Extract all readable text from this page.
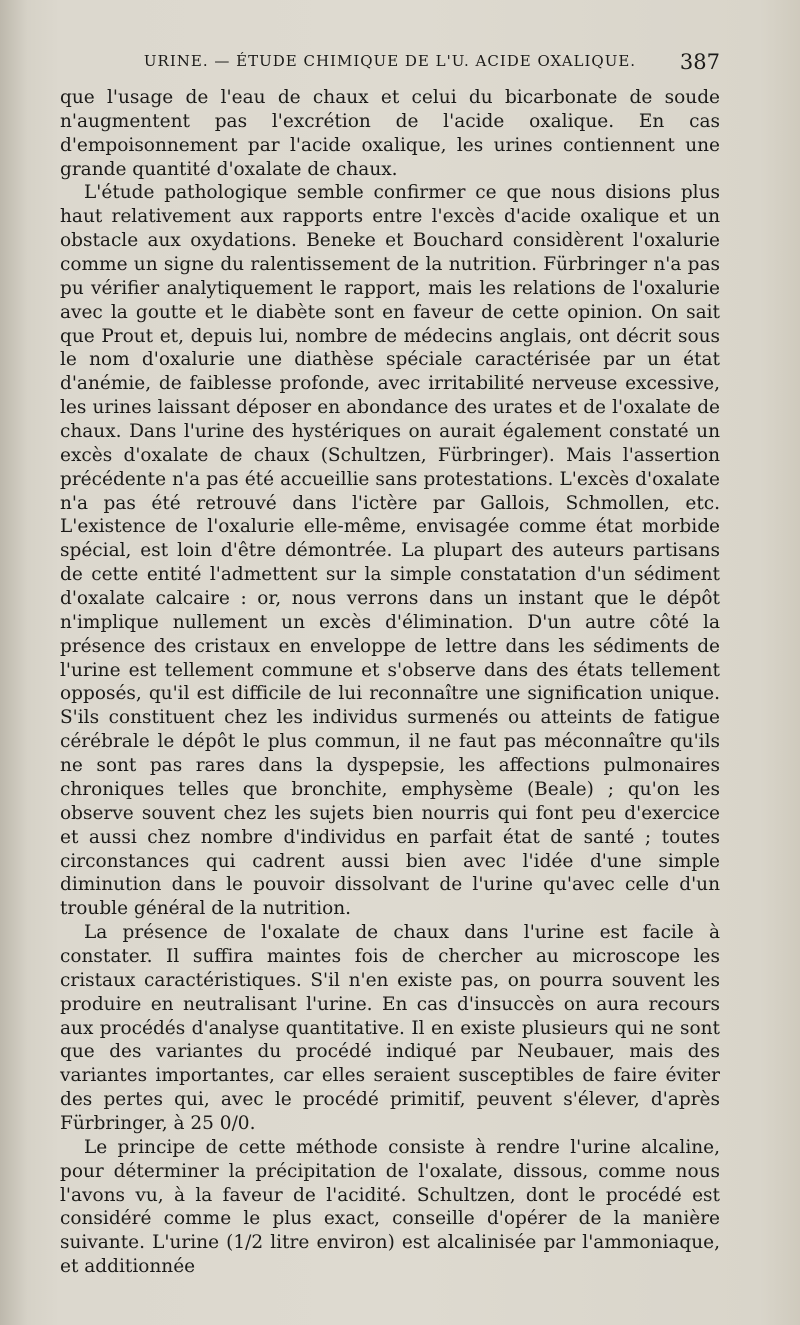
URINE. — ÉTUDE CHIMIQUE DE L'U. ACIDE OXALIQUE.	387

que l'usage de l'eau de chaux et celui du bicarbonate de soude n'augmentent pas l'excrétion de l'acide oxalique. En cas d'empoisonnement par l'acide oxalique, les urines contiennent une grande quantité d'oxalate de chaux.

L'étude pathologique semble confirmer ce que nous disions plus haut relativement aux rapports entre l'excès d'acide oxalique et un obstacle aux oxydations. Beneke et Bouchard considèrent l'oxalurie comme un signe du ralentissement de la nutrition. Fürbringer n'a pas pu vérifier analytiquement le rapport, mais les relations de l'oxalurie avec la goutte et le diabète sont en faveur de cette opinion. On sait que Prout et, depuis lui, nombre de médecins anglais, ont décrit sous le nom d'oxalurie une diathèse spéciale caractérisée par un état d'anémie, de faiblesse profonde, avec irritabilité nerveuse excessive, les urines laissant déposer en abondance des urates et de l'oxalate de chaux. Dans l'urine des hystériques on aurait également constaté un excès d'oxalate de chaux (Schultzen, Fürbringer). Mais l'assertion précédente n'a pas été accueillie sans protestations. L'excès d'oxalate n'a pas été retrouvé dans l'ictère par Gallois, Schmollen, etc. L'existence de l'oxalurie elle-même, envisagée comme état morbide spécial, est loin d'être démontrée. La plupart des auteurs partisans de cette entité l'admettent sur la simple constatation d'un sédiment d'oxalate calcaire : or, nous verrons dans un instant que le dépôt n'implique nullement un excès d'élimination. D'un autre côté la présence des cristaux en enveloppe de lettre dans les sédiments de l'urine est tellement commune et s'observe dans des états tellement opposés, qu'il est difficile de lui reconnaître une signification unique. S'ils constituent chez les individus surmenés ou atteints de fatigue cérébrale le dépôt le plus commun, il ne faut pas méconnaître qu'ils ne sont pas rares dans la dyspepsie, les affections pulmonaires chroniques telles que bronchite, emphysème (Beale) ; qu'on les observe souvent chez les sujets bien nourris qui font peu d'exercice et aussi chez nombre d'individus en parfait état de santé ; toutes circonstances qui cadrent aussi bien avec l'idée d'une simple diminution dans le pouvoir dissolvant de l'urine qu'avec celle d'un trouble général de la nutrition.

La présence de l'oxalate de chaux dans l'urine est facile à constater. Il suffira maintes fois de chercher au microscope les cristaux caractéristiques. S'il n'en existe pas, on pourra souvent les produire en neutralisant l'urine. En cas d'insuccès on aura recours aux procédés d'analyse quantitative. Il en existe plusieurs qui ne sont que des variantes du procédé indiqué par Neubauer, mais des variantes importantes, car elles seraient susceptibles de faire éviter des pertes qui, avec le procédé primitif, peuvent s'élever, d'après Fürbringer, à 25 0/0.

Le principe de cette méthode consiste à rendre l'urine alcaline, pour déterminer la précipitation de l'oxalate, dissous, comme nous l'avons vu, à la faveur de l'acidité. Schultzen, dont le procédé est considéré comme le plus exact, conseille d'opérer de la manière suivante. L'urine (1/2 litre environ) est alcalinisée par l'ammoniaque, et additionnée
